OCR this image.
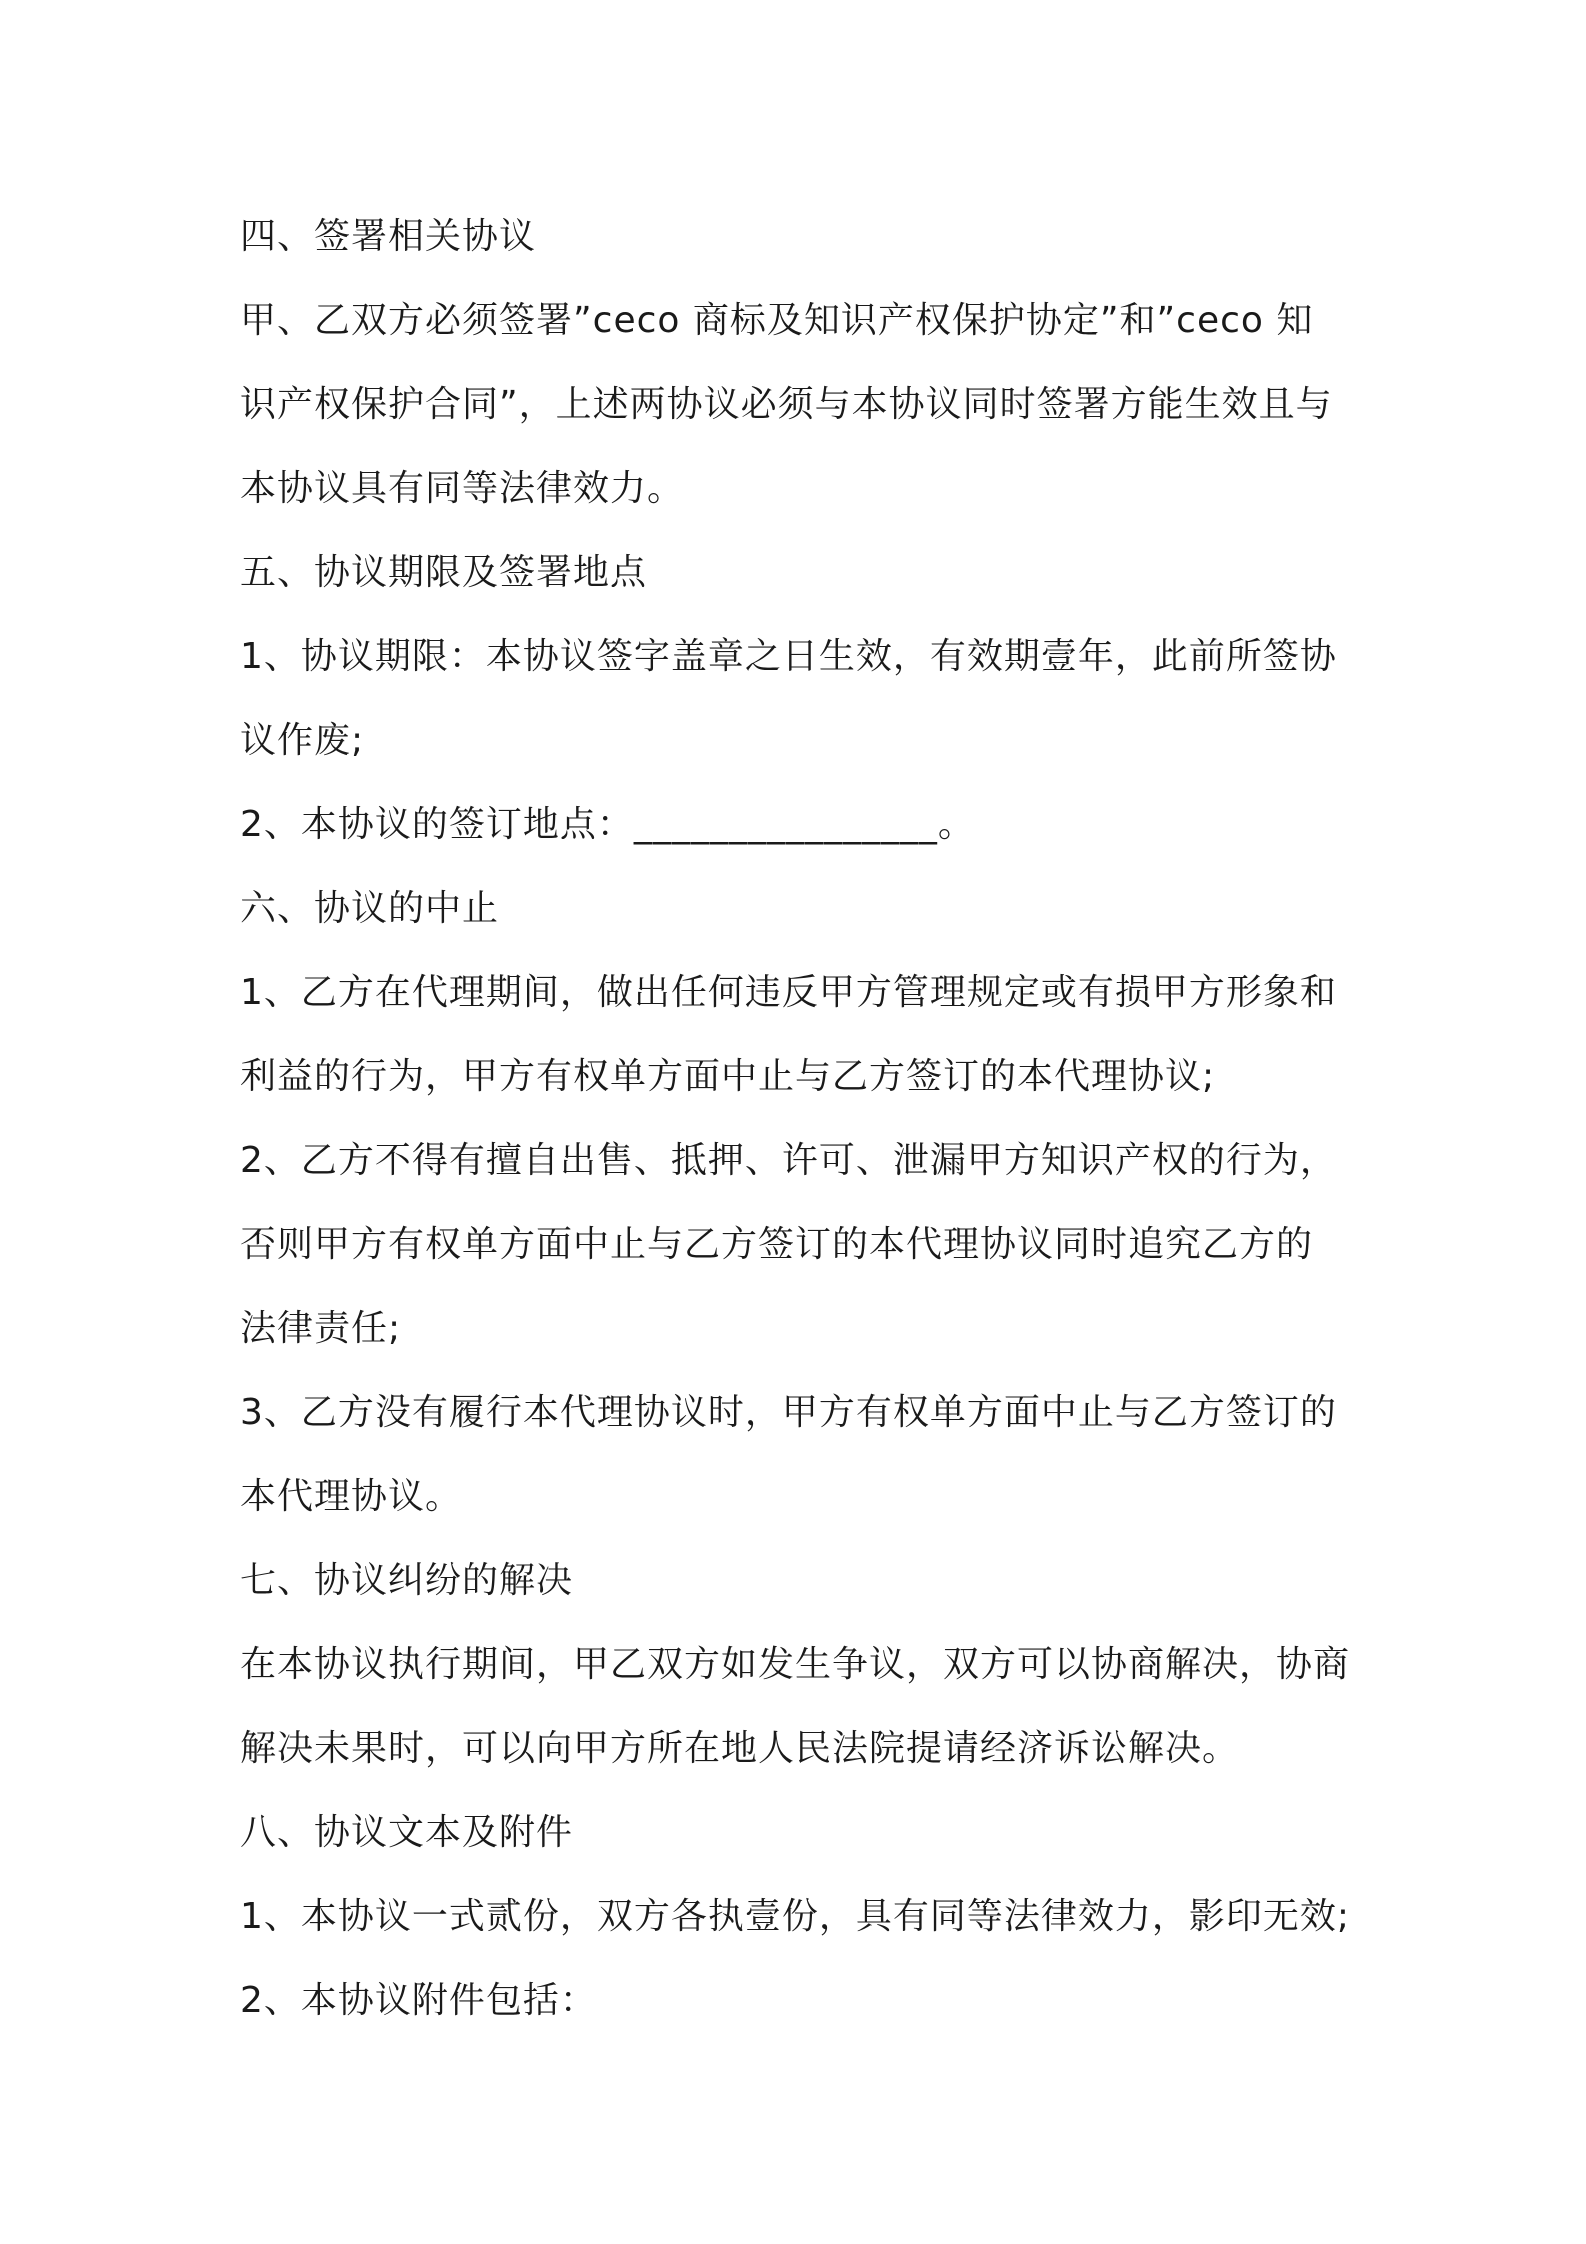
四、签署相关协议
甲、乙双方必须签署”ceco 商标及知识产权保护协定”和”ceco 知
识产权保护合同”，上述两协议必须与本协议同时签署方能生效且与
本协议具有同等法律效力。
五、协议期限及签署地点
1、协议期限：本协议签字盖章之日生效，有效期壹年，此前所签协
议作废;
2、本协议的签订地点：________________。
六、协议的中止
1、乙方在代理期间，做出任何违反甲方管理规定或有损甲方形象和
利益的行为，甲方有权单方面中止与乙方签订的本代理协议;
2、乙方不得有擅自出售、抵押、许可、泄漏甲方知识产权的行为，
否则甲方有权单方面中止与乙方签订的本代理协议同时追究乙方的
法律责任;
3、乙方没有履行本代理协议时，甲方有权单方面中止与乙方签订的
本代理协议。
七、协议纠纷的解决
在本协议执行期间，甲乙双方如发生争议，双方可以协商解决，协商
解决未果时，可以向甲方所在地人民法院提请经济诉讼解决。
八、协议文本及附件
1、本协议一式贰份，双方各执壹份，具有同等法律效力，影印无效;
2、本协议附件包括：
